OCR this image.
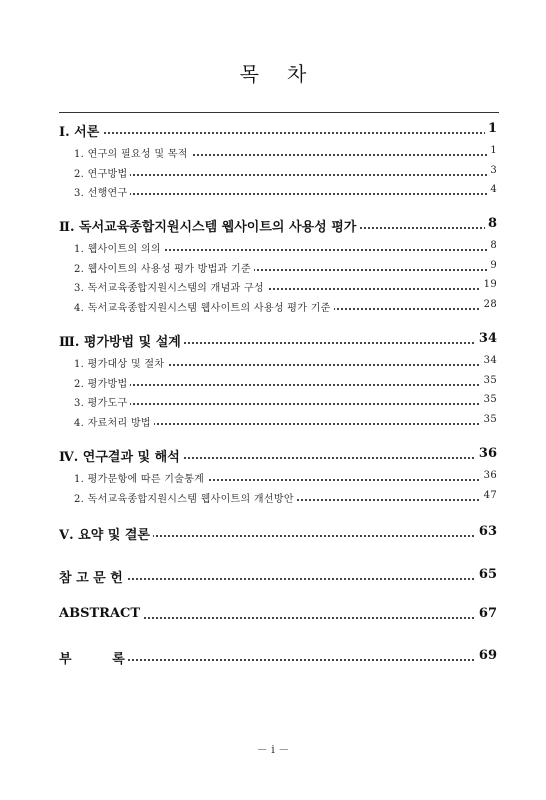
목 차
Ⅰ. 서론	1
1. 연구의 필요성 및 목적	1
2. 연구방법	3
3. 선행연구	4
Ⅱ. 독서교육종합지원시스템 웹사이트의 사용성 평가	8
1. 웹사이트의 의의	8
2. 웹사이트의 사용성 평가 방법과 기준	9
3. 독서교육종합지원시스템의 개념과 구성	19
4. 독서교육종합지원시스템 웹사이트의 사용성 평가 기준	28
Ⅲ. 평가방법 및 설계	34
1. 평가대상 및 절차	34
2. 평가방법	35
3. 평가도구	35
4. 자료처리 방법	35
Ⅳ. 연구결과 및 해석	36
1. 평가문항에 따른 기술통계	36
2. 독서교육종합지원시스템 웹사이트의 개선방안	47
Ⅴ. 요약 및 결론	63
참 고 문 헌	65
ABSTRACT	67
부         록	69
－ i －
